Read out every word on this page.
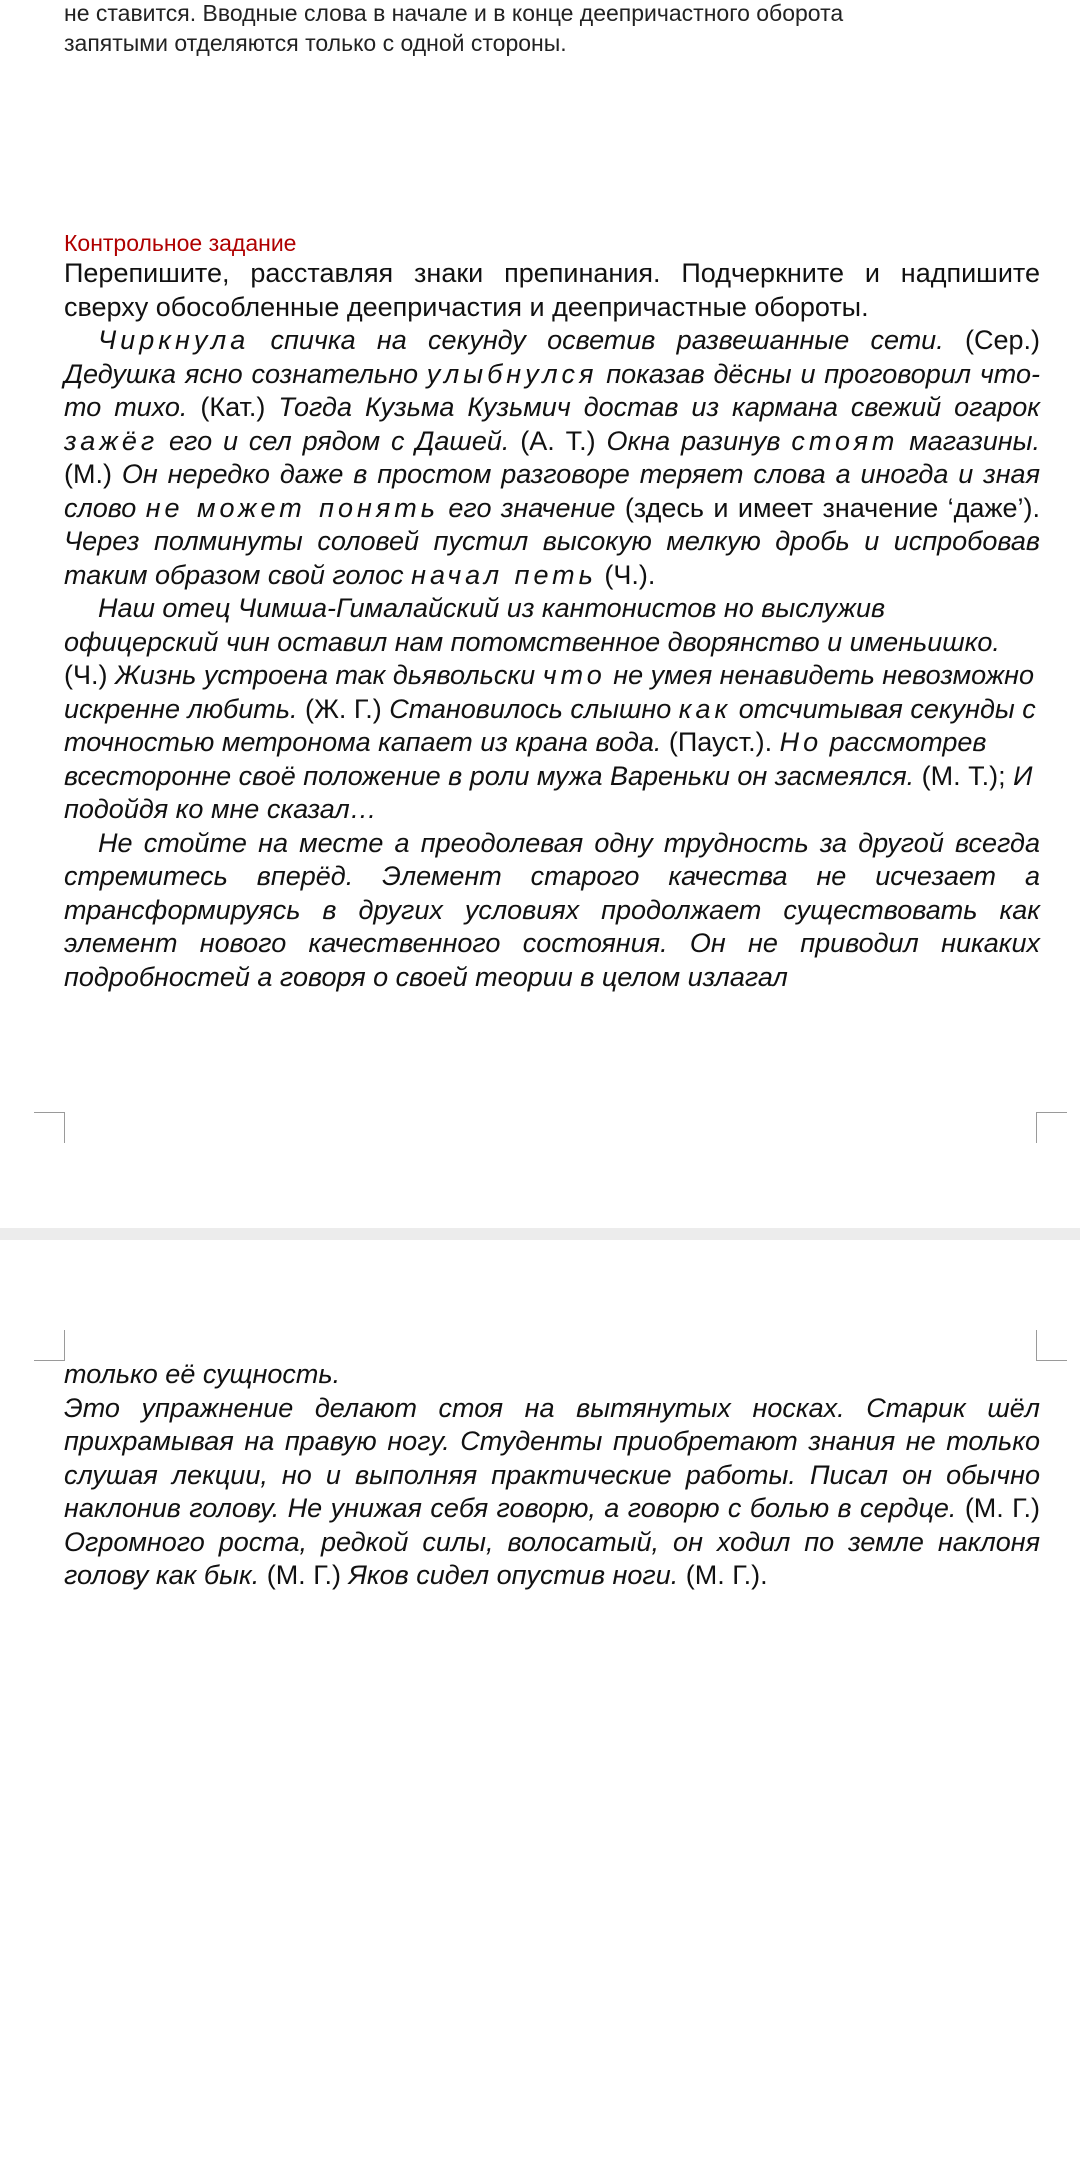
не ставится. Вводные слова в начале и в конце деепричастного оборота
запятыми отделяются только с одной стороны.
Контрольное задание

Перепишите, расставляя знаки препинания. Подчеркните и надпишите сверху обособленные деепричастия и деепричастные обороты.

Чиркнула спичка на секунду осветив развешанные сети. (Сер.) Дедушка ясно сознательно улыбнулся показав дёсны и проговорил что-то тихо. (Кат.) Тогда Кузьма Кузьмич достав из кармана свежий огарок зажёг его и сел рядом с Дашей. (А. Т.) Окна разинув стоят магазины. (М.) Он нередко даже в простом разговоре теряет слова а иногда и зная слово не может понять его значение (здесь и имеет значение ‘даже’). Через полминуты соловей пустил высокую мелкую дробь и испробовав таким образом свой голос начал петь (Ч.).

Наш отец Чимша-Гималайский из кантонистов но выслужив офицерский чин оставил нам потомственное дворянство и именьишко. (Ч.) Жизнь устроена так дьявольски что не умея ненавидеть невозможно искренне любить. (Ж. Г.) Становилось слышно как отсчитывая секунды с точностью метронома капает из крана вода. (Пауст.). Но рассмотрев всесторонне своё положение в роли мужа Вареньки он засмеялся. (М. Т.); И подойдя ко мне сказал…

Не стойте на месте а преодолевая одну трудность за другой всегда стремитесь вперёд. Элемент старого качества не исчезает а трансформируясь в других условиях продолжает существовать как элемент нового качественного состояния. Он не приводил никаких подробностей а говоря о своей теории в целом излагал

только её сущность.

Это упражнение делают стоя на вытянутых носках. Старик шёл прихрамывая на правую ногу. Студенты приобретают знания не только слушая лекции, но и выполняя практические работы. Писал он обычно наклонив голову. Не унижая себя говорю, а говорю с болью в сердце. (М. Г.) Огромного роста, редкой силы, волосатый, он ходил по земле наклоня голову как бык. (М. Г.) Яков сидел опустив ноги. (М. Г.).
